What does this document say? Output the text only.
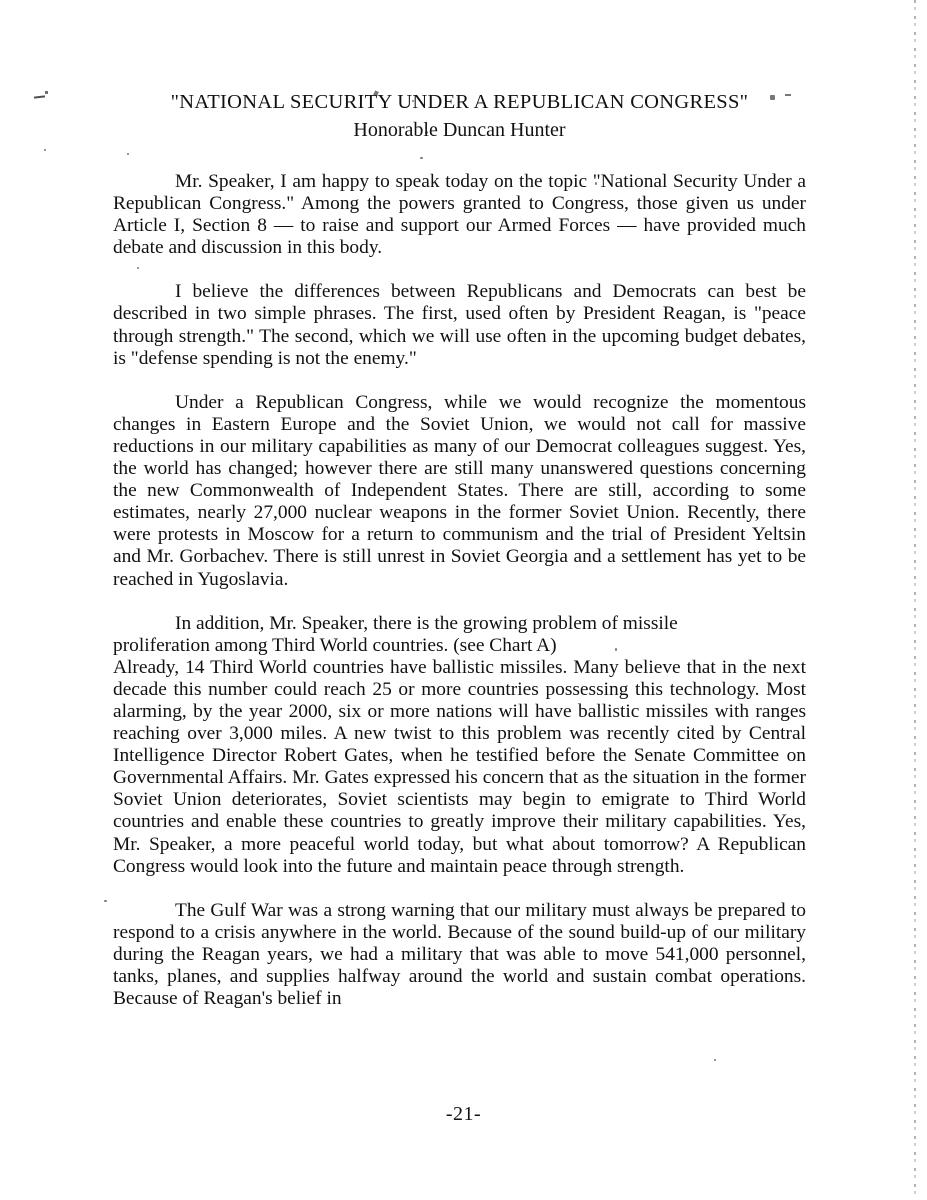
"NATIONAL SECURITY UNDER A REPUBLICAN CONGRESS"
Honorable Duncan Hunter

Mr. Speaker, I am happy to speak today on the topic "National Security Under a Republican Congress." Among the powers granted to Congress, those given us under Article I, Section 8 — to raise and support our Armed Forces — have provided much debate and discussion in this body.

I believe the differences between Republicans and Democrats can best be described in two simple phrases. The first, used often by President Reagan, is "peace through strength." The second, which we will use often in the upcoming budget debates, is "defense spending is not the enemy."

Under a Republican Congress, while we would recognize the momentous changes in Eastern Europe and the Soviet Union, we would not call for massive reductions in our military capabilities as many of our Democrat colleagues suggest. Yes, the world has changed; however there are still many unanswered questions concerning the new Commonwealth of Independent States. There are still, according to some estimates, nearly 27,000 nuclear weapons in the former Soviet Union. Recently, there were protests in Moscow for a return to communism and the trial of President Yeltsin and Mr. Gorbachev. There is still unrest in Soviet Georgia and a settlement has yet to be reached in Yugoslavia.

In addition, Mr. Speaker, there is the growing problem of missile
proliferation among Third World countries. (see Chart A)
Already, 14 Third World countries have ballistic missiles. Many believe that in the next decade this number could reach 25 or more countries possessing this technology. Most alarming, by the year 2000, six or more nations will have ballistic missiles with ranges reaching over 3,000 miles. A new twist to this problem was recently cited by Central Intelligence Director Robert Gates, when he testified before the Senate Committee on Governmental Affairs. Mr. Gates expressed his concern that as the situation in the former Soviet Union deteriorates, Soviet scientists may begin to emigrate to Third World countries and enable these countries to greatly improve their military capabilities. Yes, Mr. Speaker, a more peaceful world today, but what about tomorrow? A Republican Congress would look into the future and maintain peace through strength.

The Gulf War was a strong warning that our military must always be prepared to respond to a crisis anywhere in the world. Because of the sound build-up of our military during the Reagan years, we had a military that was able to move 541,000 personnel, tanks, planes, and supplies halfway around the world and sustain combat operations. Because of Reagan's belief in

-21-
